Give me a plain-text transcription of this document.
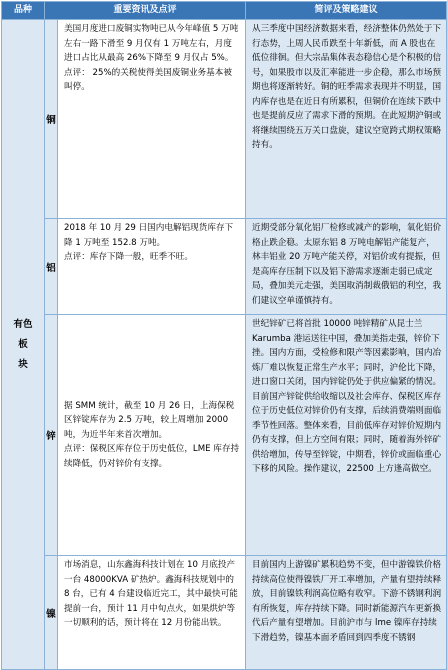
品种	重要资讯及点评		简评及策略建议

有色
板
块	铜	美国月度进口废铜实物吨已从今年峰值 5 万吨左右一路下滑至 9 月仅有 1 万吨左右，月度进口占比从最高 26%下降至 9 月仅占 5%。
点评： 25%的关税使得美国废铜业务基本被叫停。	从三季度中国经济数据来看，经济整体仍然处于下行态势，上周人民币跌至十年新低，而 A 股也在低位徘徊。但大宗品集体表态稳信心是个积极的信号，如果股市以及汇率能进一步企稳，那么市场预期也将逐渐转好。铜的旺季需求表现并不明显，国内库存也是在近日有所累积，但铜价在连续下跌中也是提前反应了需求下滑的预期。在此短期沪铜或将继续围绕五万关口盘旋，建议空宽跨式期权策略持有。
	铝	2018 年 10 月 29 日国内电解铝现货库存下降 1 万吨至 152.8 万吨。
点评：库存下降一般，旺季不旺。	近期受部分氧化铝厂检修或减产的影响，氧化铝价格止跌企稳。太原东铝 8 万吨电解铝产能复产，林丰铝业 20 万吨产能关停，对铝价或有提振，但是高库存压制下以及铝下游需求逐渐走弱已成定局，叠加美元走强，美国取消制裁俄铝的利空，我们建议空单谨慎持有。
	锌	据 SMM 统计，截至 10 月 26 日，上海保税区锌锭库存为 2.5 万吨，较上周增加 2000 吨，为近半年来首次增加。
点评：保税区库存位于历史低位，LME 库存持续降低，仍对锌价有支撑。	世纪锌矿已将首批 10000 吨锌精矿从昆士兰 Karumba 港运送往中国，叠加美指走强，锌价下挫。国内方面，受检修和限产等因素影响，国内冶炼厂难以恢复正常生产水平；同时，沪伦比下降，进口窗口关闭，国内锌锭仍处于供应偏紧的情况。目前国产锌锭供给收缩以及社会库存、保税区库存位于历史低位对锌价仍有支撑，后续消费端则面临季节性回落。整体来看，目前低库存对锌价短期内仍有支撑，但上方空间有限；同时，随着海外锌矿供给增加，传导至锌锭，中期看，锌价或面临重心下移的风险。操作建议，22500 上方逢高做空。
	镍	市场消息，山东鑫海科技计划在 10 月底投产一台 48000KVA 矿热炉。鑫海科技规划中的 8 台，已有 4 台建设临近完工，其中最快可能提前一台，预计 11 月中旬点火，如果烘炉等一切顺利的话，预计将在 12 月份能出铁。	目前国内上游镍矿累积趋势不变，但中游镍铁价格持续高位使得镍铁厂开工率增加，产量有望持续释放，目前镍铁利润高位略有收窄。下游不锈钢利润有所恢复，库存持续下降。同时新能源汽车更新换代后产量有望增加。目前沪市与 lme 镍库存持续下滑趋势，镍基本面矛盾回到四季度不锈钢
